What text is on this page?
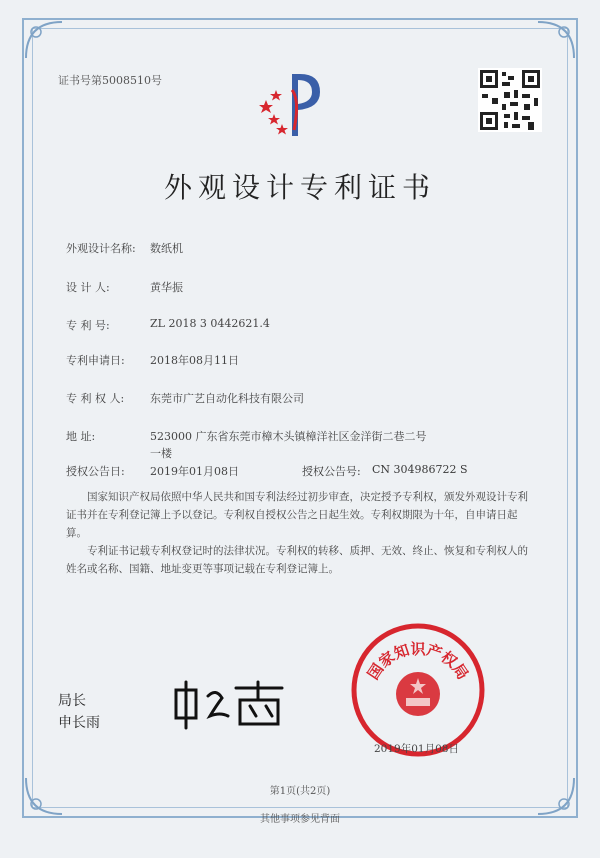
证书号第5008510号
外观设计专利证书
外观设计名称: 数纸机
设 计 人:	黄华振
专 利 号:	ZL 2018 3 0442621.4
专利申请日: 2018年08月11日
专 利 权 人: 东莞市广艺自动化科技有限公司
地 址:	523000 广东省东莞市樟木头镇樟洋社区金洋街二巷二号
一楼
授权公告日: 2019年01月08日	授权公告号: CN 304986722 S
国家知识产权局依照中华人民共和国专利法经过初步审查，决定授予专利权，颁发外观设计专利证书并在专利登记簿上予以登记。专利权自授权公告之日起生效。专利权期限为十年，自申请日起算。
专利证书记载专利权登记时的法律状况。专利权的转移、质押、无效、终止、恢复和专利权人的姓名或名称、国籍、地址变更等事项记载在专利登记簿上。
国家知识产权局
2019年01月08日
局长
申长雨
第1页(共2页)
其他事项参见背面
